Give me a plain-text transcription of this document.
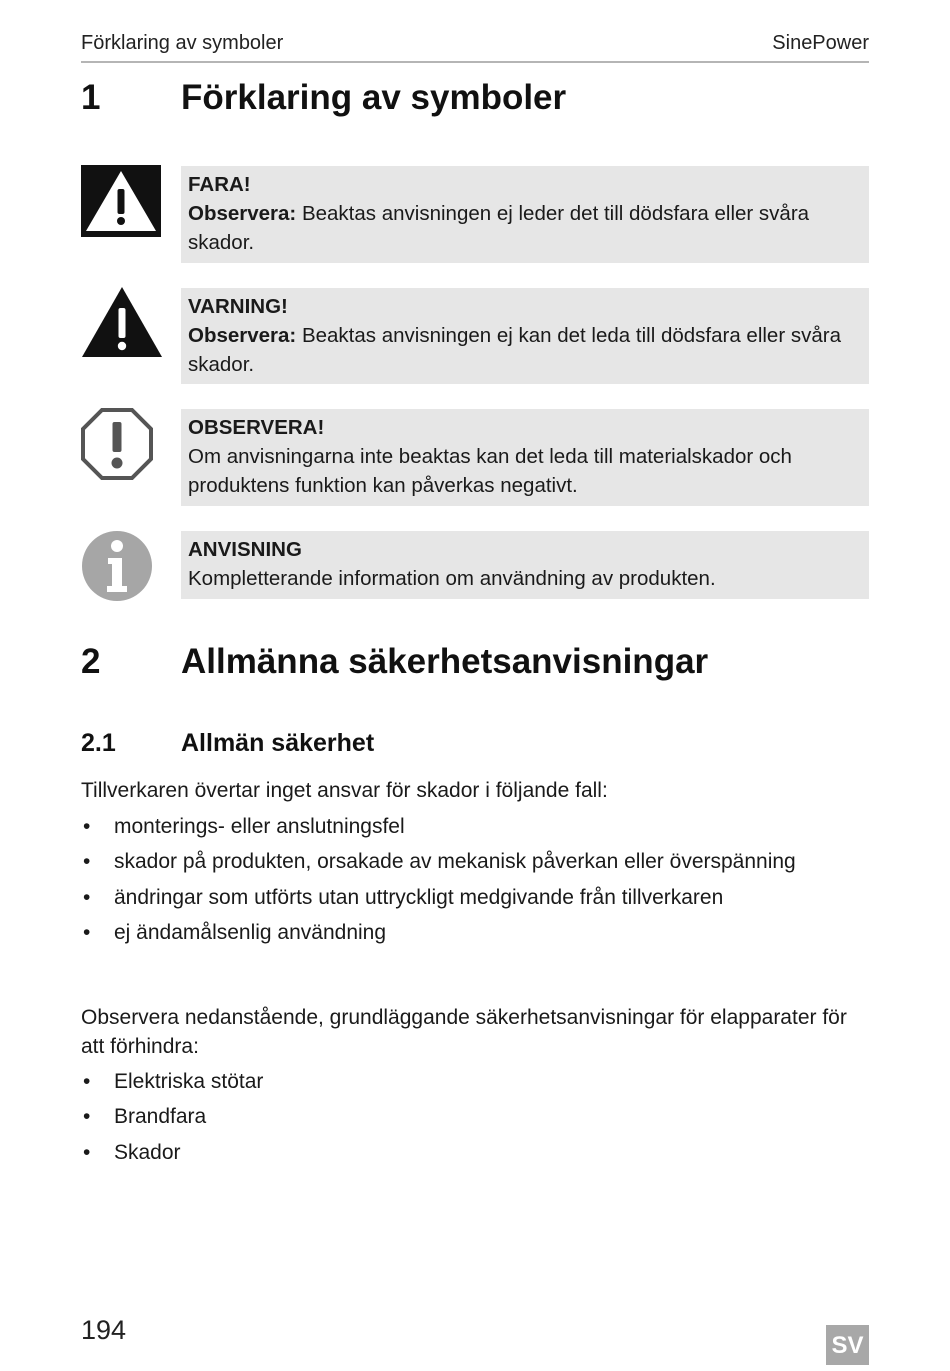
Förklaring av symboler	SinePower
1 Förklaring av symboler
FARA!
Observera: Beaktas anvisningen ej leder det till dödsfara eller svåra skador.
VARNING!
Observera: Beaktas anvisningen ej kan det leda till dödsfara eller svåra skador.
OBSERVERA!
Om anvisningarna inte beaktas kan det leda till materialskador och produktens funktion kan påverkas negativt.
ANVISNING
Kompletterande information om användning av produkten.
2 Allmänna säkerhetsanvisningar
2.1	Allmän säkerhet
Tillverkaren övertar inget ansvar för skador i följande fall:
• monterings- eller anslutningsfel
• skador på produkten, orsakade av mekanisk påverkan eller överspänning
• ändringar som utförts utan uttryckligt medgivande från tillverkaren
• ej ändamålsenlig användning
Observera nedanstående, grundläggande säkerhetsanvisningar för elapparater för att förhindra:
• Elektriska stötar
• Brandfara
• Skador
194
SV
